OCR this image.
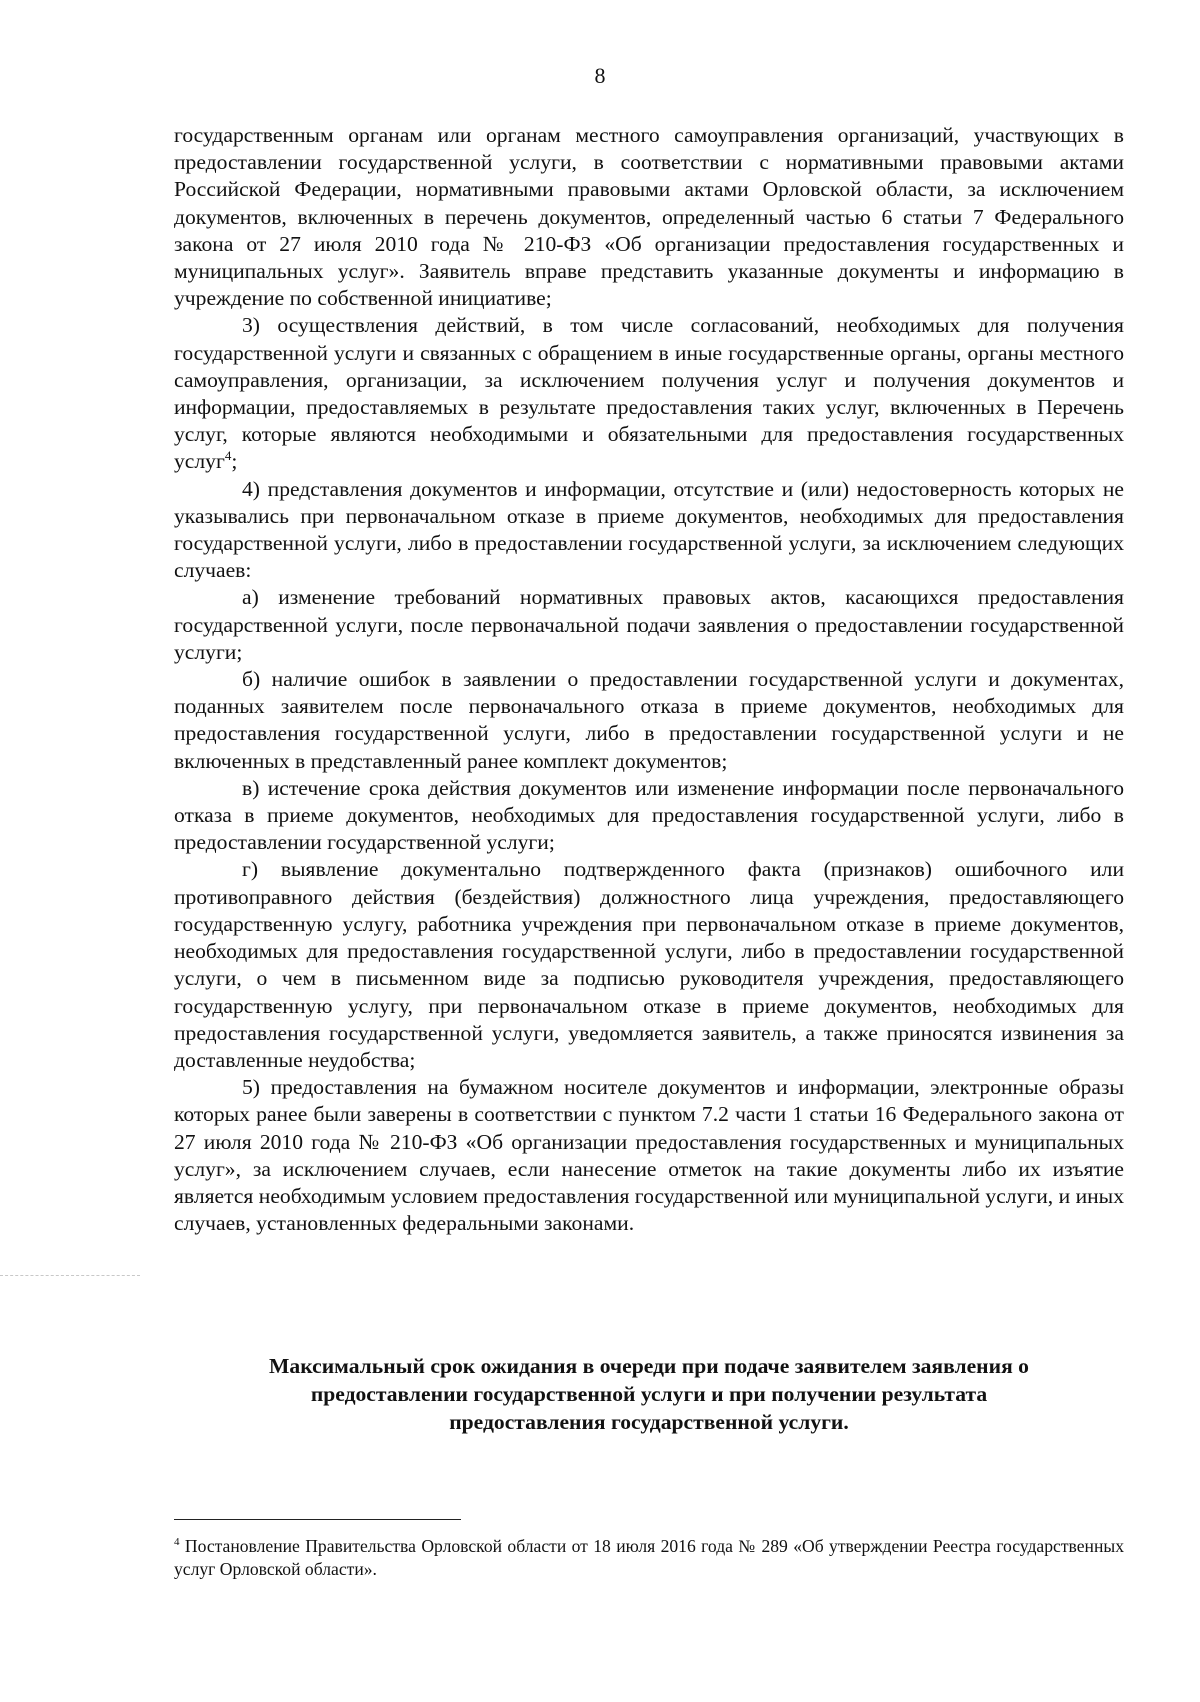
8

государственным органам или органам местного самоуправления организаций, участвующих в предоставлении государственной услуги, в соответствии с нормативными правовыми актами Российской Федерации, нормативными правовыми актами Орловской области, за исключением документов, включенных в перечень документов, определенный частью 6 статьи 7 Федерального закона от 27 июля 2010 года № 210-ФЗ «Об организации предоставления государственных и муниципальных услуг». Заявитель вправе представить указанные документы и информацию в учреждение по собственной инициативе;

3) осуществления действий, в том числе согласований, необходимых для получения государственной услуги и связанных с обращением в иные государственные органы, органы местного самоуправления, организации, за исключением получения услуг и получения документов и информации, предоставляемых в результате предоставления таких услуг, включенных в Перечень услуг, которые являются необходимыми и обязательными для предоставления государственных услуг$^4$;

4) представления документов и информации, отсутствие и (или) недостоверность которых не указывались при первоначальном отказе в приеме документов, необходимых для предоставления государственной услуги, либо в предоставлении государственной услуги, за исключением следующих случаев:

а) изменение требований нормативных правовых актов, касающихся предоставления государственной услуги, после первоначальной подачи заявления о предоставлении государственной услуги;

б) наличие ошибок в заявлении о предоставлении государственной услуги и документах, поданных заявителем после первоначального отказа в приеме документов, необходимых для предоставления государственной услуги, либо в предоставлении государственной услуги и не включенных в представленный ранее комплект документов;

в) истечение срока действия документов или изменение информации после первоначального отказа в приеме документов, необходимых для предоставления государственной услуги, либо в предоставлении государственной услуги;

г) выявление документально подтвержденного факта (признаков) ошибочного или противоправного действия (бездействия) должностного лица учреждения, предоставляющего государственную услугу, работника учреждения при первоначальном отказе в приеме документов, необходимых для предоставления государственной услуги, либо в предоставлении государственной услуги, о чем в письменном виде за подписью руководителя учреждения, предоставляющего государственную услугу, при первоначальном отказе в приеме документов, необходимых для предоставления государственной услуги, уведомляется заявитель, а также приносятся извинения за доставленные неудобства;

5) предоставления на бумажном носителе документов и информации, электронные образы которых ранее были заверены в соответствии с пунктом 7.2 части 1 статьи 16 Федерального закона от 27 июля 2010 года № 210-ФЗ «Об организации предоставления государственных и муниципальных услуг», за исключением случаев, если нанесение отметок на такие документы либо их изъятие является необходимым условием предоставления государственной или муниципальной услуги, и иных случаев, установленных федеральными законами.

Максимальный срок ожидания в очереди при подаче заявителем заявления о

предоставлении государственной услуги и при получении результата

предоставления государственной услуги.

$^4$ Постановление Правительства Орловской области от 18 июля 2016 года № 289 «Об утверждении Реестра государственных услуг Орловской области».
